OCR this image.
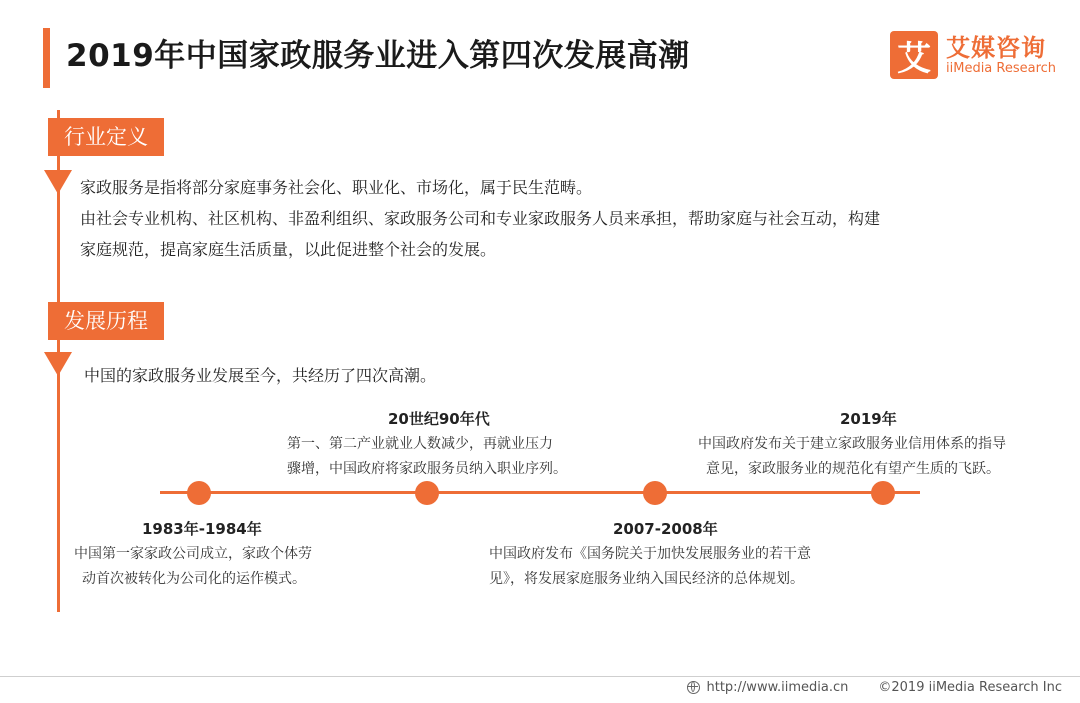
2019年中国家政服务业进入第四次发展高潮	艾 艾媒咨询
iiMedia Research
行业定义
家政服务是指将部分家庭事务社会化、职业化、市场化，属于民生范畴。
由社会专业机构、社区机构、非盈利组织、家政服务公司和专业家政服务人员来承担，帮助家庭与社会互动，构建
家庭规范，提高家庭生活质量，以此促进整个社会的发展。
发展历程
中国的家政服务业发展至今，共经历了四次高潮。
1983年-1984年
中国第一家家政公司成立，家政个体劳
动首次被转化为公司化的运作模式。
20世纪90年代
第一、第二产业就业人数减少，再就业压力
骤增，中国政府将家政服务员纳入职业序列。
2007-2008年
中国政府发布《国务院关于加快发展服务业的若干意
见》，将发展家庭服务业纳入国民经济的总体规划。
2019年
中国政府发布关于建立家政服务业信用体系的指导
意见，家政服务业的规范化有望产生质的飞跃。
http://www.iimedia.cn ©2019 iiMedia Research Inc
